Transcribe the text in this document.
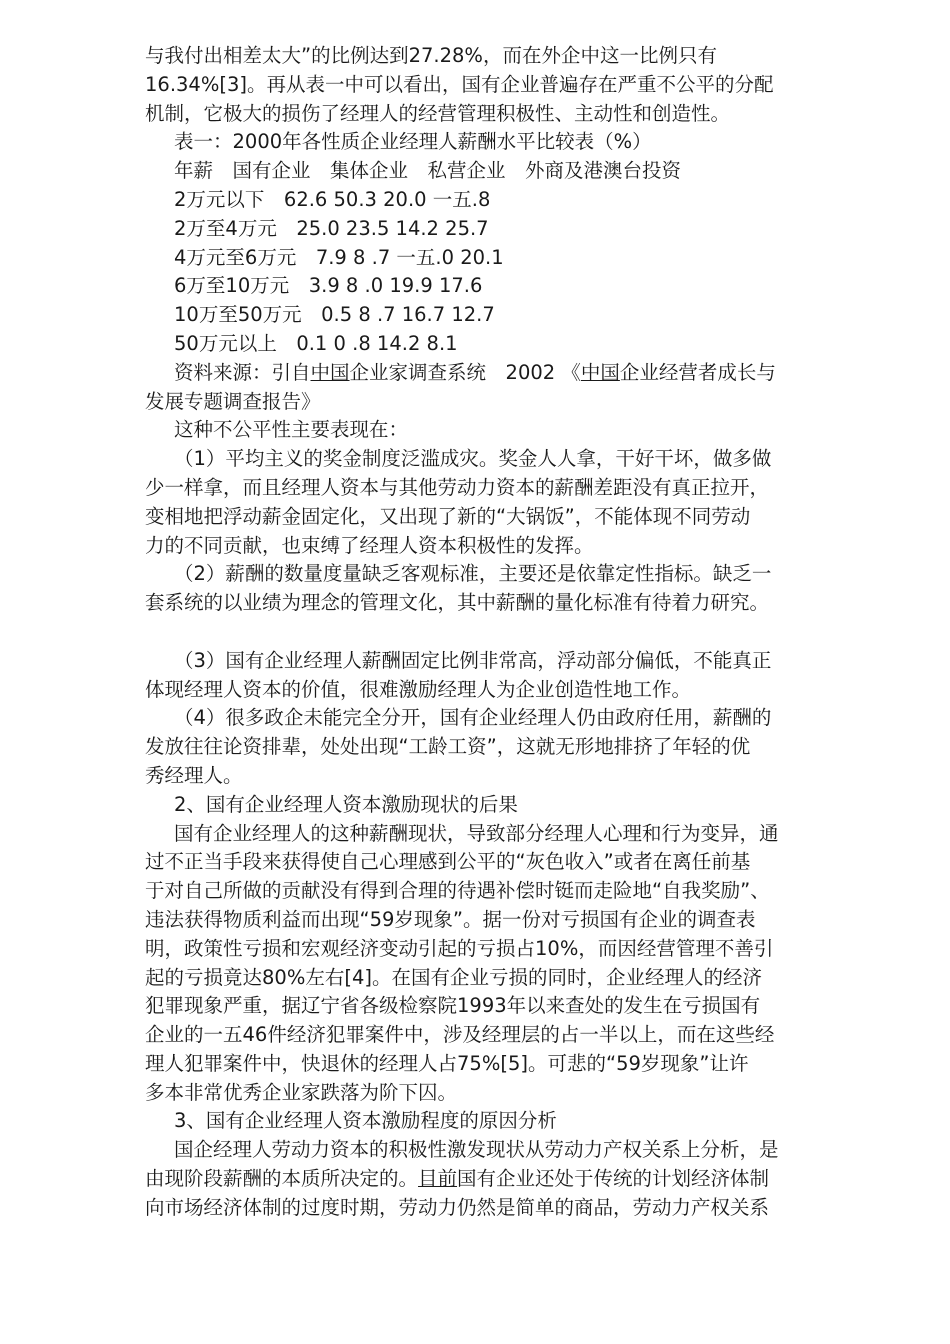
与我付出相差太大”的比例达到27.28%，而在外企中这一比例只有
16.34%[3]。再从表一中可以看出，国有企业普遍存在严重不公平的分配
机制，它极大的损伤了经理人的经营管理积极性、主动性和创造性。
表一：2000年各性质企业经理人薪酬水平比较表（%）
年薪　国有企业　集体企业　私营企业　外商及港澳台投资
2万元以下　62.6 50.3 20.0 一五.8
2万至4万元　25.0 23.5 14.2 25.7
4万元至6万元　7.9 8 .7 一五.0 20.1
6万至10万元　3.9 8 .0 19.9 17.6
10万至50万元　0.5 8 .7 16.7 12.7
50万元以上　0.1 0 .8 14.2 8.1
资料来源：引自中国企业家调查系统　2002 《中国企业经营者成长与
发展专题调查报告》
这种不公平性主要表现在：
（1）平均主义的奖金制度泛滥成灾。奖金人人拿，干好干坏，做多做
少一样拿，而且经理人资本与其他劳动力资本的薪酬差距没有真正拉开，
变相地把浮动薪金固定化，又出现了新的“大锅饭”，不能体现不同劳动
力的不同贡献，也束缚了经理人资本积极性的发挥。
（2）薪酬的数量度量缺乏客观标准，主要还是依靠定性指标。缺乏一
套系统的以业绩为理念的管理文化，其中薪酬的量化标准有待着力研究。
（3）国有企业经理人薪酬固定比例非常高，浮动部分偏低，不能真正
体现经理人资本的价值，很难激励经理人为企业创造性地工作。
（4）很多政企未能完全分开，国有企业经理人仍由政府任用，薪酬的
发放往往论资排辈，处处出现“工龄工资”，这就无形地排挤了年轻的优
秀经理人。
2、国有企业经理人资本激励现状的后果
国有企业经理人的这种薪酬现状，导致部分经理人心理和行为变异，通
过不正当手段来获得使自己心理感到公平的“灰色收入”或者在离任前基
于对自己所做的贡献没有得到合理的待遇补偿时铤而走险地“自我奖励”、
违法获得物质利益而出现“59岁现象”。据一份对亏损国有企业的调查表
明，政策性亏损和宏观经济变动引起的亏损占10%，而因经营管理不善引
起的亏损竟达80%左右[4]。在国有企业亏损的同时，企业经理人的经济
犯罪现象严重，据辽宁省各级检察院1993年以来查处的发生在亏损国有
企业的一五46件经济犯罪案件中，涉及经理层的占一半以上，而在这些经
理人犯罪案件中，快退休的经理人占75%[5]。可悲的“59岁现象”让许
多本非常优秀企业家跌落为阶下囚。
3、国有企业经理人资本激励程度的原因分析
国企经理人劳动力资本的积极性激发现状从劳动力产权关系上分析，是
由现阶段薪酬的本质所决定的。目前国有企业还处于传统的计划经济体制
向市场经济体制的过度时期，劳动力仍然是简单的商品，劳动力产权关系
